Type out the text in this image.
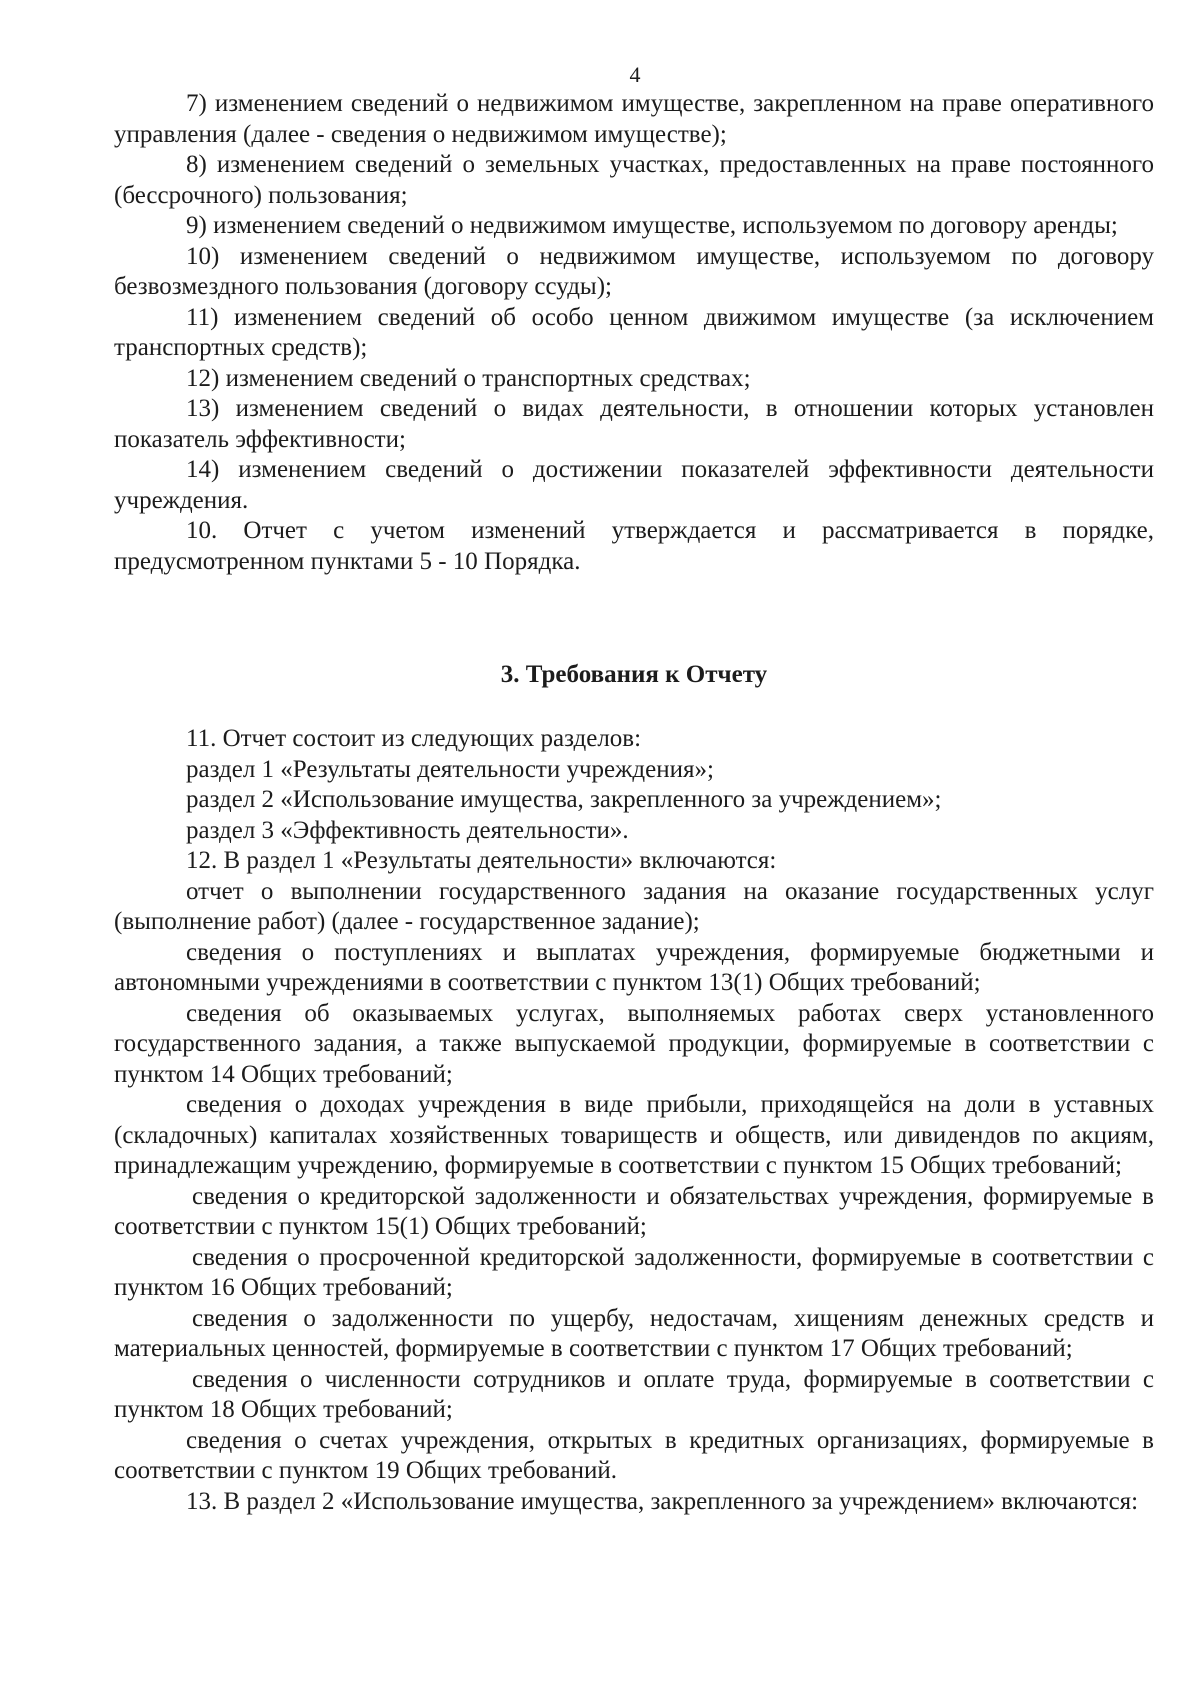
4

7) изменением сведений о недвижимом имуществе, закрепленном на праве оперативного управления (далее - сведения о недвижимом имуществе);

8) изменением сведений о земельных участках, предоставленных на праве постоянного (бессрочного) пользования;

9) изменением сведений о недвижимом имуществе, используемом по договору аренды;

10) изменением сведений о недвижимом имуществе, используемом по договору безвозмездного пользования (договору ссуды);

11) изменением сведений об особо ценном движимом имуществе (за исключением транспортных средств);

12) изменением сведений о транспортных средствах;

13) изменением сведений о видах деятельности, в отношении которых установлен показатель эффективности;

14) изменением сведений о достижении показателей эффективности деятельности учреждения.

10. Отчет с учетом изменений утверждается и рассматривается в порядке, предусмотренном пунктами 5 - 10 Порядка.

3. Требования к Отчету

11. Отчет состоит из следующих разделов:

раздел 1 «Результаты деятельности учреждения»;

раздел 2 «Использование имущества, закрепленного за учреждением»;

раздел 3 «Эффективность деятельности».

12. В раздел 1 «Результаты деятельности» включаются:

отчет о выполнении государственного задания на оказание государственных услуг (выполнение работ) (далее - государственное задание);

сведения о поступлениях и выплатах учреждения, формируемые бюджетными и автономными учреждениями в соответствии с пунктом 13(1) Общих требований;

сведения об оказываемых услугах, выполняемых работах сверх установленного государственного задания, а также выпускаемой продукции, формируемые в соответствии с пунктом 14 Общих требований;

сведения о доходах учреждения в виде прибыли, приходящейся на доли в уставных (складочных) капиталах хозяйственных товариществ и обществ, или дивидендов по акциям, принадлежащим учреждению, формируемые в соответствии с пунктом 15 Общих требований;

сведения о кредиторской задолженности и обязательствах учреждения, формируемые в соответствии с пунктом 15(1) Общих требований;

сведения о просроченной кредиторской задолженности, формируемые в соответствии с пунктом 16 Общих требований;

сведения о задолженности по ущербу, недостачам, хищениям денежных средств и материальных ценностей, формируемые в соответствии с пунктом 17 Общих требований;

сведения о численности сотрудников и оплате труда, формируемые в соответствии с пунктом 18 Общих требований;

сведения о счетах учреждения, открытых в кредитных организациях, формируемые в соответствии с пунктом 19 Общих требований.

13. В раздел 2 «Использование имущества, закрепленного за учреждением» включаются:
